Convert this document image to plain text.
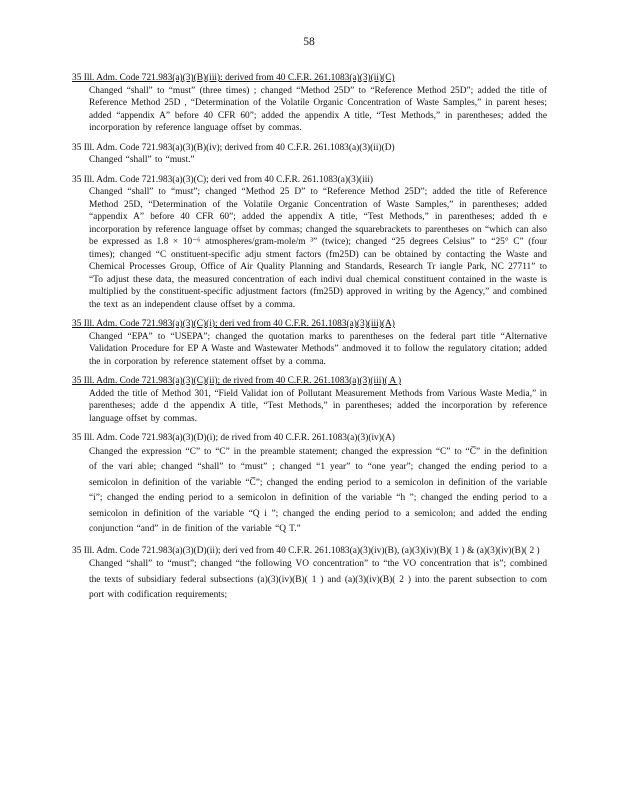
58
35 Ill. Adm. Code 721.983(a)(3)(B)(iii): derived from 40 C.F.R. 261.1083(a)(3)(ii)(C)
Changed “shall” to “must” (three times) ; changed “Method 25D” to “Reference Method 25D”; added the title of Reference Method 25D , “Determination of the Volatile Organic Concentration of Waste Samples,” in parent heses; added “appendix A” before 40 CFR 60”; added the appendix A title, “Test Methods,” in parentheses; added the incorporation by reference language offset by commas.
35 Ill. Adm. Code 721.983(a)(3)(B)(iv); derived from 40 C.F.R. 261.1083(a)(3)(ii)(D)
Changed “shall” to “must.”
35 Ill. Adm. Code 721.983(a)(3)(C); deri ved from 40 C.F.R. 261.1083(a)(3)(iii)
Changed “shall” to “must”; changed “Method 25 D” to “Reference Method 25D”; added the title of Reference Method 25D, “Determination of the Volatile Organic Concentration of Waste Samples,” in parentheses; added “appendix A” before 40 CFR 60”; added the appendix A title, “Test Methods,” in parentheses; added th e incorporation by reference language offset by commas; changed the squarebrackets to parentheses on “which can also be expressed as 1.8 × 10⁻⁶ atmospheres/gram-mole/m ³” (twice); changed “25 degrees Celsius” to “25° C” (four times); changed “C onstituent-specific adju stment factors (fm25D) can be obtained by contacting the Waste and Chemical Processes Group, Office of Air Quality Planning and Standards, Research Tr iangle Park, NC 27711” to “To adjust these data, the measured concentration of each indivi dual chemical constituent contained in the waste is multiplied by the constituent-specific adjustment factors (fm25D) approved in writing by the Agency,” and combined the text as an independent clause offset by a comma.
35 Ill. Adm. Code 721.983(a)(3)(C)(i); deri ved from 40 C.F.R. 261.1083(a)(3)(iii)(A)
Changed “EPA” to “USEPA”; changed the quotation marks to parentheses on the federal part title “Alternative Validation Procedure for EP A Waste and Wastewater Methods” andmoved it to follow the regulatory citation; added the in corporation by reference statement offset by a comma.
35 Ill. Adm. Code 721.983(a)(3)(C)(ii); de rived from 40 C.F.R. 261.1083(a)(3)(iii)( A )
Added the title of Method 301, “Field Validat ion of Pollutant Measurement Methods from Various Waste Media,” in parentheses; adde d the appendix A title, “Test Methods,” in parentheses; added the incorporation by reference language offset by commas.
35 Ill. Adm. Code 721.983(a)(3)(D)(i); de rived from 40 C.F.R. 261.1083(a)(3)(iv)(A)
Changed the expression “C” to “C” in the preamble statement; changed the expression “C” to “C̅” in the definition of the vari able; changed “shall” to “must” ; changed “1 year” to “one year”; changed the ending period to a semicolon in definition of the variable “C̅”; changed the ending period to a semicolon in definition of the variable “i”; changed the ending period to a semicolon in definition of the variable “h ”; changed the ending period to a semicolon in definition of the variable “Q i ”; changed the ending period to a semicolon; and added the ending conjunction “and” in de finition of the variable “Q T.”
35 Ill. Adm. Code 721.983(a)(3)(D)(ii); deri ved from 40 C.F.R. 261.1083(a)(3)(iv)(B), (a)(3)(iv)(B)( 1 ) & (a)(3)(iv)(B)( 2 )
Changed “shall” to “must”; changed “the following VO concentration” to “the VO concentration that is”; combined the texts of subsidiary federal subsections (a)(3)(iv)(B)( 1 ) and (a)(3)(iv)(B)( 2 ) into the parent subsection to com port with codification requirements;
